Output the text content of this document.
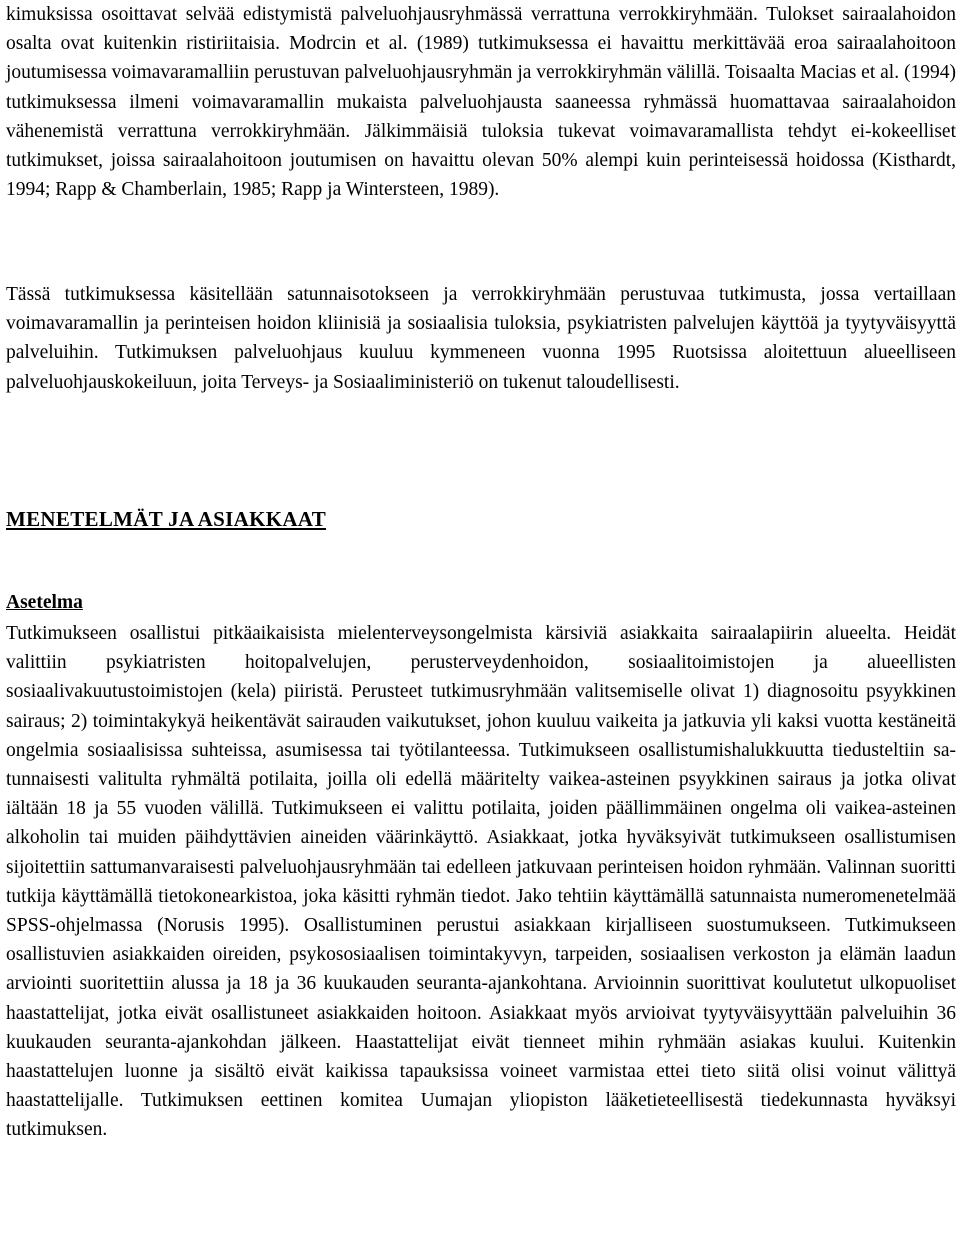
kimuksissa osoittavat selvää edistymistä palveluohjausryhmässä verrattuna verrokkiryhmään. Tulokset sairaalahoidon osalta ovat kuitenkin ristiriitaisia. Modrcin et al. (1989) tutkimuksessa ei havaittu merkittävää eroa sairaalahoitoon joutumisessa voimavaramalliin perustuvan palveluohjausryhmän ja verrokkiryhmän välillä. Toisaalta Macias et al. (1994) tutkimuksessa ilmeni voimavaramallin mukaista palveluohjausta saaneessa ryhmässä huomattavaa sairaalahoidon vähenemistä verrattuna verrokkiryhmään. Jälkimmäisiä tuloksia tukevat voimavaramallista tehdyt ei-kokeelliset tutkimukset, joissa sairaalahoitoon joutumisen on havaittu olevan 50% alempi kuin perinteisessä hoidossa (Kisthardt, 1994; Rapp & Chamberlain, 1985; Rapp ja Wintersteen, 1989).

Tässä tutkimuksessa käsitellään satunnaisotokseen ja verrokkiryhmään perustuvaa tutkimusta, jossa vertaillaan voimavaramallin ja perinteisen hoidon kliinisiä ja sosiaalisia tuloksia, psykiatristen palvelujen käyttöä ja tyytyväisyyttä palveluihin. Tutkimuksen palveluohjaus kuuluu kymmeneen vuonna 1995 Ruotsissa aloitettuun alueelliseen palveluohjauskokeiluun, joita Terveys- ja Sosiaaliministeriö on tukenut taloudellisesti.

MENETELMÄT JA ASIAKKAAT
Asetelma

Tutkimukseen osallistui pitkäaikaisista mielenterveysongelmista kärsiviä asiakkaita sairaalapiirin alueelta. Heidät valittiin psykiatristen hoitopalvelujen, perusterveydenhoidon, sosiaalitoimistojen ja alueellisten sosiaalivakuutustoimistojen (kela) piiristä. Perusteet tutkimusryhmään valitsemiselle olivat 1) diagnosoitu psyykkinen sairaus; 2) toimintakykyä heikentävät sairauden vaikutukset, johon kuuluu vaikeita ja jatkuvia yli kaksi vuotta kestäneitä ongelmia sosiaalisissa suhteissa, asumisessa tai työtilanteessa. Tutkimukseen osallistumishalukkuutta tiedusteltiin satunnaisesti valitulta ryhmältä potilaita, joilla oli edellä määritelty vaikea-asteinen psyykkinen sairaus ja jotka olivat iältään 18 ja 55 vuoden välillä. Tutkimukseen ei valittu potilaita, joiden päällimmäinen ongelma oli vaikea-asteinen alkoholin tai muiden päihdyttävien aineiden väärinkäyttö. Asiakkaat, jotka hyväksyivät tutkimukseen osallistumisen sijoitettiin sattumanvaraisesti palveluohjausryhmään tai edelleen jatkuvaan perinteisen hoidon ryhmään. Valinnan suoritti tutkija käyttämällä tietokonearkistoa, joka käsitti ryhmän tiedot. Jako tehtiin käyttämällä satunnaista numeromenetelmää SPSS-ohjelmassa (Norusis 1995). Osallistuminen perustui asiakkaan kirjalliseen suostumukseen. Tutkimukseen osallistuvien asiakkaiden oireiden, psykososiaalisen toimintakyvyn, tarpeiden, sosiaalisen verkoston ja elämän laadun arviointi suoritettiin alussa ja 18 ja 36 kuukauden seuranta-ajankohtana. Arvioinnin suorittivat koulutetut ulkopuoliset haastattelijat, jotka eivät osallistuneet asiakkaiden hoitoon. Asiakkaat myös arvioivat tyytyväisyyttään palveluihin 36 kuukauden seuranta-ajankohdan jälkeen. Haastattelijat eivät tienneet mihin ryhmään asiakas kuului. Kuitenkin haastattelujen luonne ja sisältö eivät kaikissa tapauksissa voineet varmistaa ettei tieto siitä olisi voinut välittyä haastattelijalle. Tutkimuksen eettinen komitea Uumajan yliopiston lääketieteellisestä tiedekunnasta hyväksyi tutkimuksen.
